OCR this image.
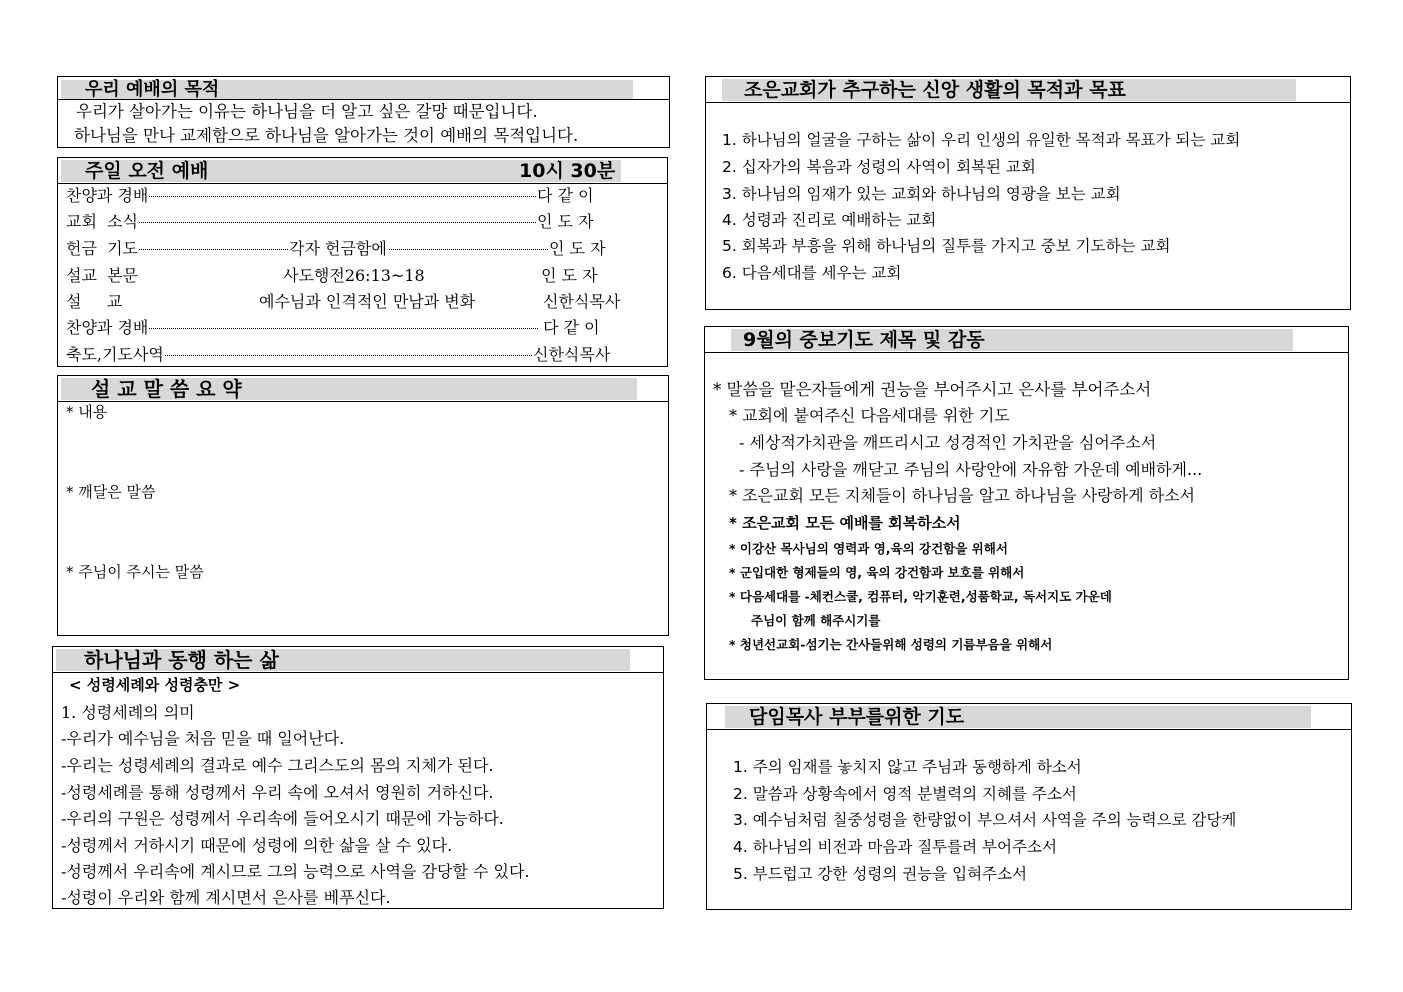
우리 예배의 목적
우리가 살아가는 이유는 하나님을 더 알고 싶은 갈망 때문입니다.
하나님을 만나 교제함으로 하나님을 알아가는 것이 예배의 목적입니다.
주일 오전 예배	10시 30분
찬양과 경배	다 같 이
교회  소식	인 도 자
헌금  기도	각자 헌금함에	인 도 자
설교  본문	사도행전26:13~18	인 도 자
설     교	예수님과 인격적인 만남과 변화	신한식목사
찬양과 경배	다 같 이
축도,기도사역	신한식목사
설 교 말 씀 요 약
* 내용
* 깨달은 말씀
* 주님이 주시는 말씀
하나님과 동행 하는 삶
< 성령세례와 성령충만 >
1. 성령세례의 의미
-우리가 예수님을 처음 믿을 때 일어난다.
-우리는 성령세례의 결과로 예수 그리스도의 몸의 지체가 된다.
-성령세례를 통해 성령께서 우리 속에 오셔서 영원히 거하신다.
-우리의 구원은 성령께서 우리속에 들어오시기 때문에 가능하다.
-성령께서 거하시기 때문에 성령에 의한 삶을 살 수 있다.
-성령께서 우리속에 계시므로 그의 능력으로 사역을 감당할 수 있다.
-성령이 우리와 함께 계시면서 은사를 베푸신다.
조은교회가 추구하는 신앙 생활의 목적과 목표
1. 하나님의 얼굴을 구하는 삶이 우리 인생의 유일한 목적과 목표가 되는 교회
2. 십자가의 복음과 성령의 사역이 회복된 교회
3. 하나님의 임재가 있는 교회와 하나님의 영광을 보는 교회
4. 성령과 진리로 예배하는 교회
5. 회복과 부흥을 위해 하나님의 질투를 가지고 중보 기도하는 교회
6. 다음세대를 세우는 교회
9월의 중보기도 제목 및 감동
* 말씀을 맡은자들에게 권능을 부어주시고 은사를 부어주소서
* 교회에 붙여주신 다음세대를 위한 기도
- 세상적가치관을 깨뜨리시고 성경적인 가치관을 심어주소서
- 주님의 사랑을 깨닫고 주님의 사랑안에 자유함 가운데 예배하게...
* 조은교회 모든 지체들이 하나님을 알고 하나님을 사랑하게 하소서
* 조은교회 모든 예배를 회복하소서
* 이강산 목사님의 영력과 영,육의 강건함을 위해서
* 군입대한 형제들의 영, 육의 강건함과 보호를 위해서
* 다음세대를 -체컨스쿨, 컴퓨터, 악기훈련,성품학교, 독서지도 가운데
주님이 함께 해주시기를
* 청년선교회-섬기는 간사들위해 성령의 기름부음을 위해서
담임목사 부부를위한 기도
1. 주의 임재를 놓치지 않고 주님과 동행하게 하소서
2. 말씀과 상황속에서 영적 분별력의 지혜를 주소서
3. 예수님처럼 칠중성령을 한량없이 부으셔서 사역을 주의 능력으로 감당케
4. 하나님의 비전과 마음과 질투를려 부어주소서
5. 부드럽고 강한 성령의 권능을 입혀주소서
